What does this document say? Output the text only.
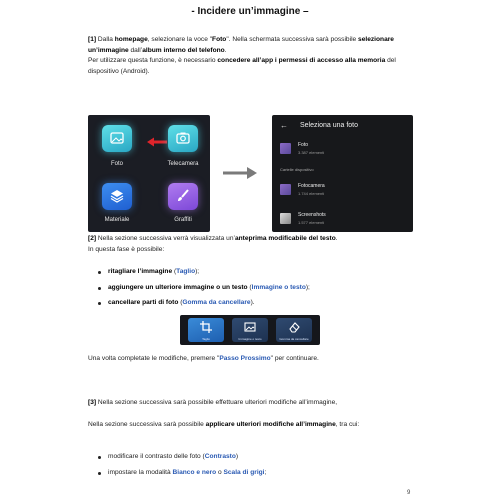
- Incidere un’immagine –
[1] Dalla homepage, selezionare la voce "Foto". Nella schermata successiva sarà possibile selezionare un’immagine dall’album interno del telefono.
Per utilizzare questa funzione, è necessario concedere all’app i permessi di accesso alla memoria del dispositivo (Android).
Foto	Telecamera
Materiale	Graffiti
← Seleziona una foto
Foto
3.387 elementi
Cartelle dispositivo
Fotocamera
1.744 elementi
Screenshots
1.577 elementi
[2] Nella sezione successiva verrà visualizzata un’anteprima modificabile del testo.
In questa fase è possibile:
ritagliare l’immagine (Taglio);
aggiungere un ulteriore immagine o un testo (Immagine o testo);
cancellare parti di foto (Gomma da cancellare).
Taglio	Immagine o testo	Gomma da cancellare
Una volta completate le modifiche, premere "Passo Prossimo" per continuare.
[3] Nella sezione successiva sarà possibile effettuare ulteriori modifiche all’immagine,
Nella sezione successiva sarà possibile applicare ulteriori modifiche all’immagine, tra cui:
modificare il contrasto delle foto (Contrasto)
impostare la modalità Bianco e nero o Scala di grigi;
9
